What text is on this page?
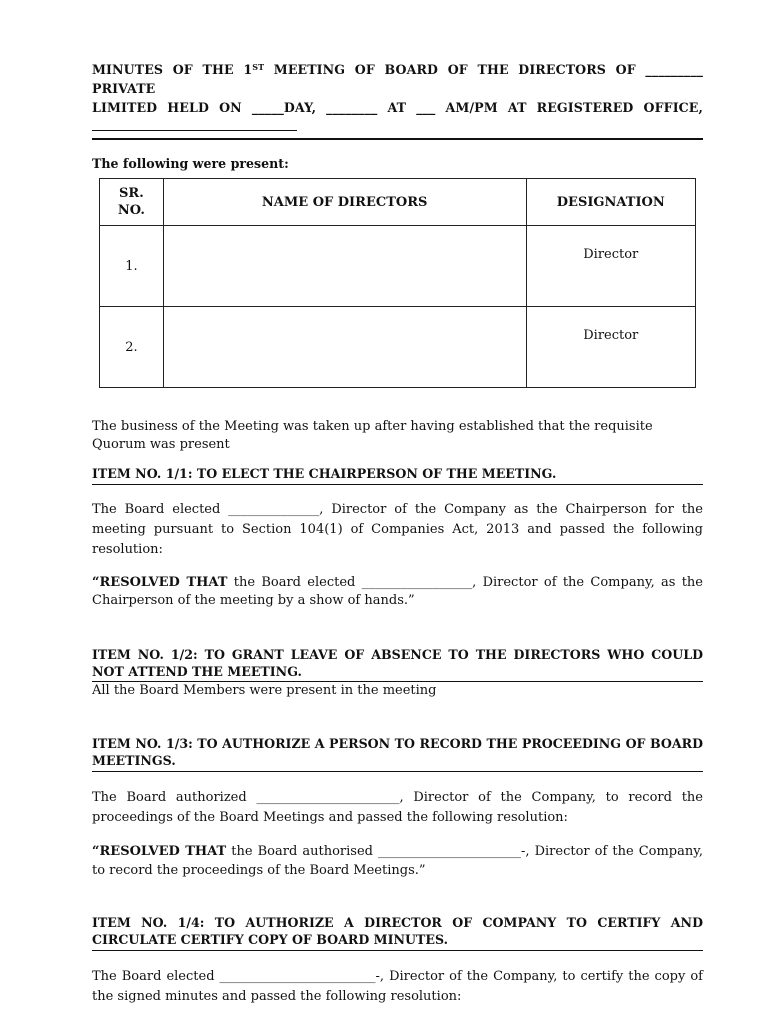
MINUTES OF THE 1ST MEETING OF BOARD OF THE DIRECTORS OF _________ PRIVATE
LIMITED HELD ON _____DAY, ________ AT ___ AM/PM AT REGISTERED OFFICE,
The following were present:
SR. NO.	NAME OF DIRECTORS	DESIGNATION
1.		Director
2.		Director

The business of the Meeting was taken up after having established that the requisite Quorum was present

ITEM NO. 1/1: TO ELECT THE CHAIRPERSON OF THE MEETING.

The Board elected ______________, Director of the Company as the Chairperson for the meeting pursuant to Section 104(1) of Companies Act, 2013 and passed the following resolution:

“RESOLVED THAT the Board elected _________________, Director of the Company, as the Chairperson of the meeting by a show of hands.”

ITEM NO. 1/2: TO GRANT LEAVE OF ABSENCE TO THE DIRECTORS WHO COULD NOT ATTEND THE MEETING.

All the Board Members were present in the meeting

ITEM NO. 1/3: TO AUTHORIZE A PERSON TO RECORD THE PROCEEDING OF BOARD MEETINGS.

The Board authorized ______________________, Director of the Company, to record the proceedings of the Board Meetings and passed the following resolution:

“RESOLVED THAT the Board authorised ______________________-, Director of the Company, to record the proceedings of the Board Meetings.”

ITEM NO. 1/4: TO AUTHORIZE A DIRECTOR OF COMPANY TO CERTIFY AND CIRCULATE CERTIFY COPY OF BOARD MINUTES.

The Board elected ________________________-, Director of the Company, to certify the copy of the signed minutes and passed the following resolution:
